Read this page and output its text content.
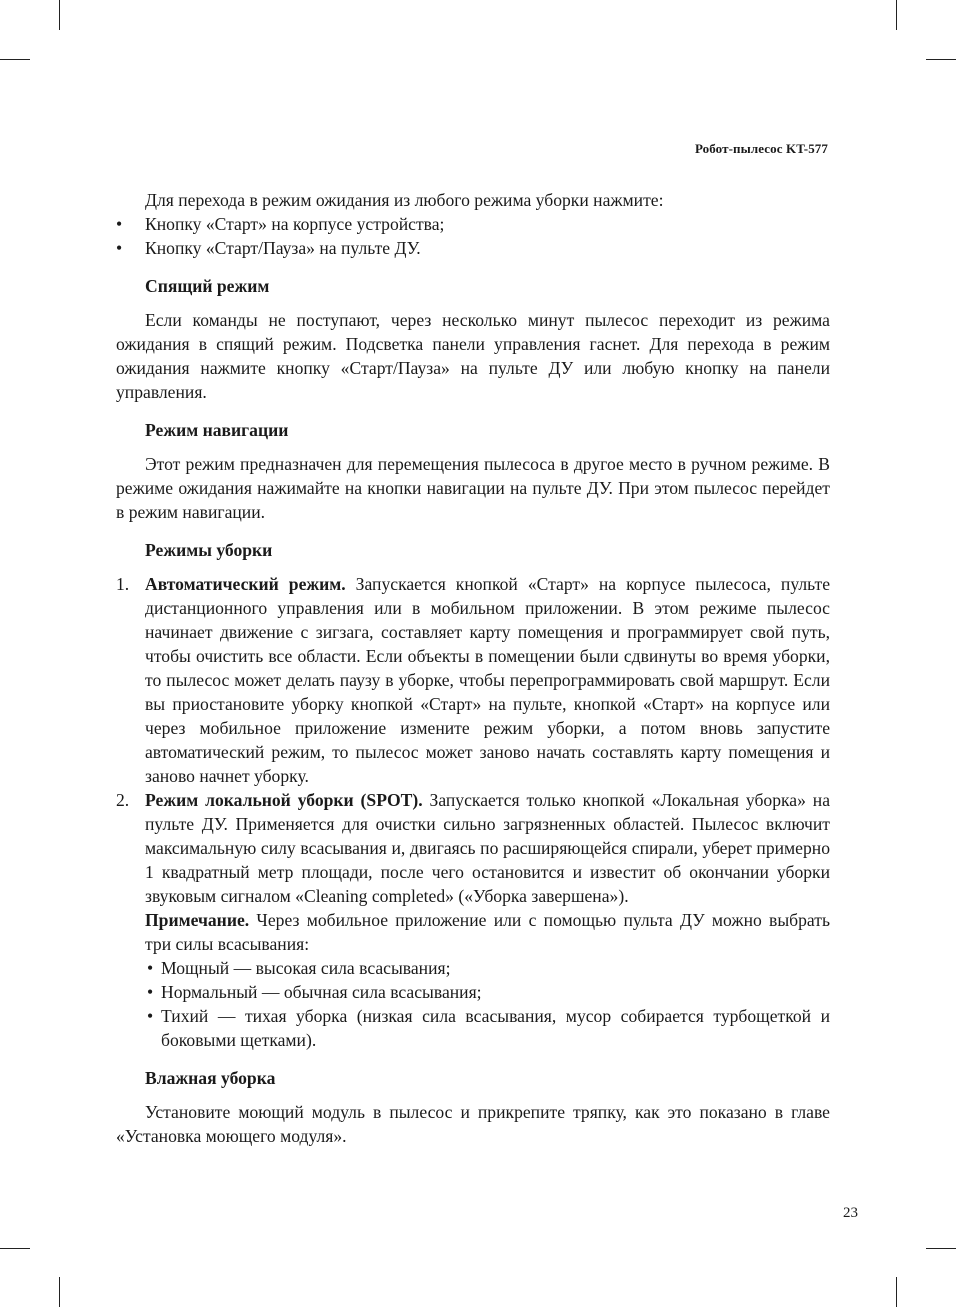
Робот-пылесос KT-577

Для перехода в режим ожидания из любого режима уборки нажмите:

• Кнопку «Старт» на корпусе устройства;
• Кнопку «Старт/Пауза» на пульте ДУ.
Спящий режим

Если команды не поступают, через несколько минут пылесос переходит из режима ожидания в спящий режим. Подсветка панели управления гаснет. Для перехода в режим ожидания нажмите кнопку «Старт/Пауза» на пульте ДУ или любую кнопку на панели управления.

Режим навигации

Этот режим предназначен для перемещения пылесоса в другое место в ручном режиме. В режиме ожидания нажимайте на кнопки навигации на пульте ДУ. При этом пылесос перейдет в режим навигации.

Режимы уборки
1. Автоматический режим. Запускается кнопкой «Старт» на корпусе пылесоса, пульте дистанционного управления или в мобильном приложении. В этом режиме пылесос начинает движение с зигзага, составляет карту помещения и программирует свой путь, чтобы очистить все области. Если объекты в помещении были сдвинуты во время уборки, то пылесос может делать паузу в уборке, чтобы перепрограммировать свой маршрут. Если вы приостановите уборку кнопкой «Старт» на пульте, кнопкой «Старт» на корпусе или через мобильное приложение измените режим уборки, а потом вновь запустите автоматический режим, то пылесос может заново начать составлять карту помещения и заново начнет уборку.
2. Режим локальной уборки (SPOT). Запускается только кнопкой «Локальная уборка» на пульте ДУ. Применяется для очистки сильно загрязненных областей. Пылесос включит максимальную силу всасывания и, двигаясь по расширяющейся спирали, уберет примерно 1 квадратный метр площади, после чего остановится и известит об окончании уборки звуковым сигналом «Cleaning completed» («Уборка завершена»).
Примечание. Через мобильное приложение или с помощью пульта ДУ можно выбрать три силы всасывания:
• Мощный — высокая сила всасывания;
• Нормальный — обычная сила всасывания;
• Тихий — тихая уборка (низкая сила всасывания, мусор собирается турбощеткой и боковыми щетками).
Влажная уборка

Установите моющий модуль в пылесос и прикрепите тряпку, как это показано в главе «Установка моющего модуля».

23
